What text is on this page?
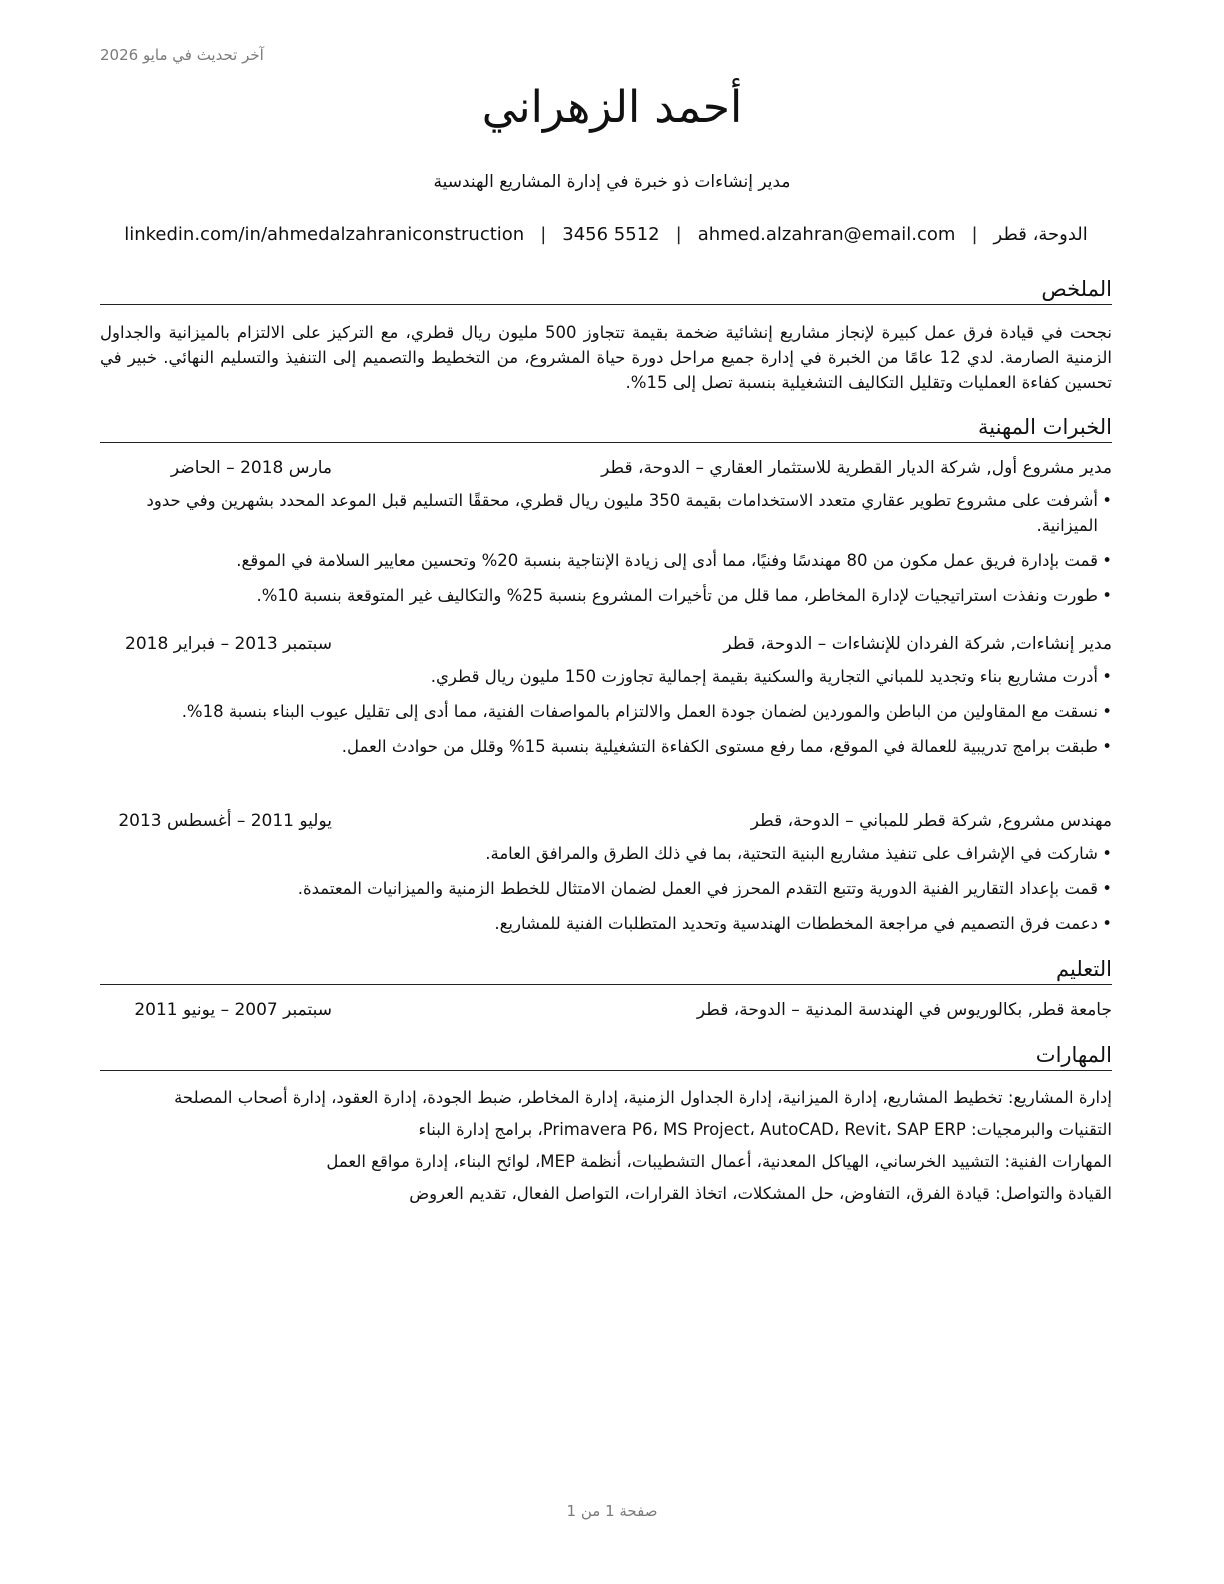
آخر تحديث في مايو 2026
أحمد الزهراني
مدير إنشاءات ذو خبرة في إدارة المشاريع الهندسية
الدوحة، قطر
|
ahmed.alzahran@email.com
|
3456 5512
|
linkedin.com/in/ahmedalzahraniconstruction
الملخص
نجحت في قيادة فرق عمل كبيرة لإنجاز مشاريع إنشائية ضخمة بقيمة تتجاوز 500 مليون ريال قطري، مع التركيز على الالتزام بالميزانية والجداول الزمنية الصارمة. لدي 12 عامًا من الخبرة في إدارة جميع مراحل دورة حياة المشروع، من التخطيط والتصميم إلى التنفيذ والتسليم النهائي. خبير في تحسين كفاءة العمليات وتقليل التكاليف التشغيلية بنسبة تصل إلى 15%.
الخبرات المهنية
مدير مشروع أول, شركة الديار القطرية للاستثمار العقاري – الدوحة، قطر
مارس 2018 – الحاضر
• أشرفت على مشروع تطوير عقاري متعدد الاستخدامات بقيمة 350 مليون ريال قطري، محققًا التسليم قبل الموعد المحدد بشهرين وفي حدود الميزانية.
• قمت بإدارة فريق عمل مكون من 80 مهندسًا وفنيًا، مما أدى إلى زيادة الإنتاجية بنسبة 20% وتحسين معايير السلامة في الموقع.
• طورت ونفذت استراتيجيات لإدارة المخاطر، مما قلل من تأخيرات المشروع بنسبة 25% والتكاليف غير المتوقعة بنسبة 10%.
مدير إنشاءات, شركة الفردان للإنشاءات – الدوحة، قطر
سبتمبر 2013 – فبراير 2018
• أدرت مشاريع بناء وتجديد للمباني التجارية والسكنية بقيمة إجمالية تجاوزت 150 مليون ريال قطري.
• نسقت مع المقاولين من الباطن والموردين لضمان جودة العمل والالتزام بالمواصفات الفنية، مما أدى إلى تقليل عيوب البناء بنسبة 18%.
• طبقت برامج تدريبية للعمالة في الموقع، مما رفع مستوى الكفاءة التشغيلية بنسبة 15% وقلل من حوادث العمل.
مهندس مشروع, شركة قطر للمباني – الدوحة، قطر
يوليو 2011 – أغسطس 2013
• شاركت في الإشراف على تنفيذ مشاريع البنية التحتية، بما في ذلك الطرق والمرافق العامة.
• قمت بإعداد التقارير الفنية الدورية وتتبع التقدم المحرز في العمل لضمان الامتثال للخطط الزمنية والميزانيات المعتمدة.
• دعمت فرق التصميم في مراجعة المخططات الهندسية وتحديد المتطلبات الفنية للمشاريع.
التعليم
جامعة قطر, بكالوريوس في الهندسة المدنية – الدوحة، قطر
سبتمبر 2007 – يونيو 2011
المهارات
إدارة المشاريع: تخطيط المشاريع، إدارة الميزانية، إدارة الجداول الزمنية، إدارة المخاطر، ضبط الجودة، إدارة العقود، إدارة أصحاب المصلحة
التقنيات والبرمجيات: Primavera P6، MS Project، AutoCAD، Revit، SAP ERP، برامج إدارة البناء
المهارات الفنية: التشييد الخرساني، الهياكل المعدنية، أعمال التشطيبات، أنظمة MEP، لوائح البناء، إدارة مواقع العمل
القيادة والتواصل: قيادة الفرق، التفاوض، حل المشكلات، اتخاذ القرارات، التواصل الفعال، تقديم العروض
صفحة 1 من 1
